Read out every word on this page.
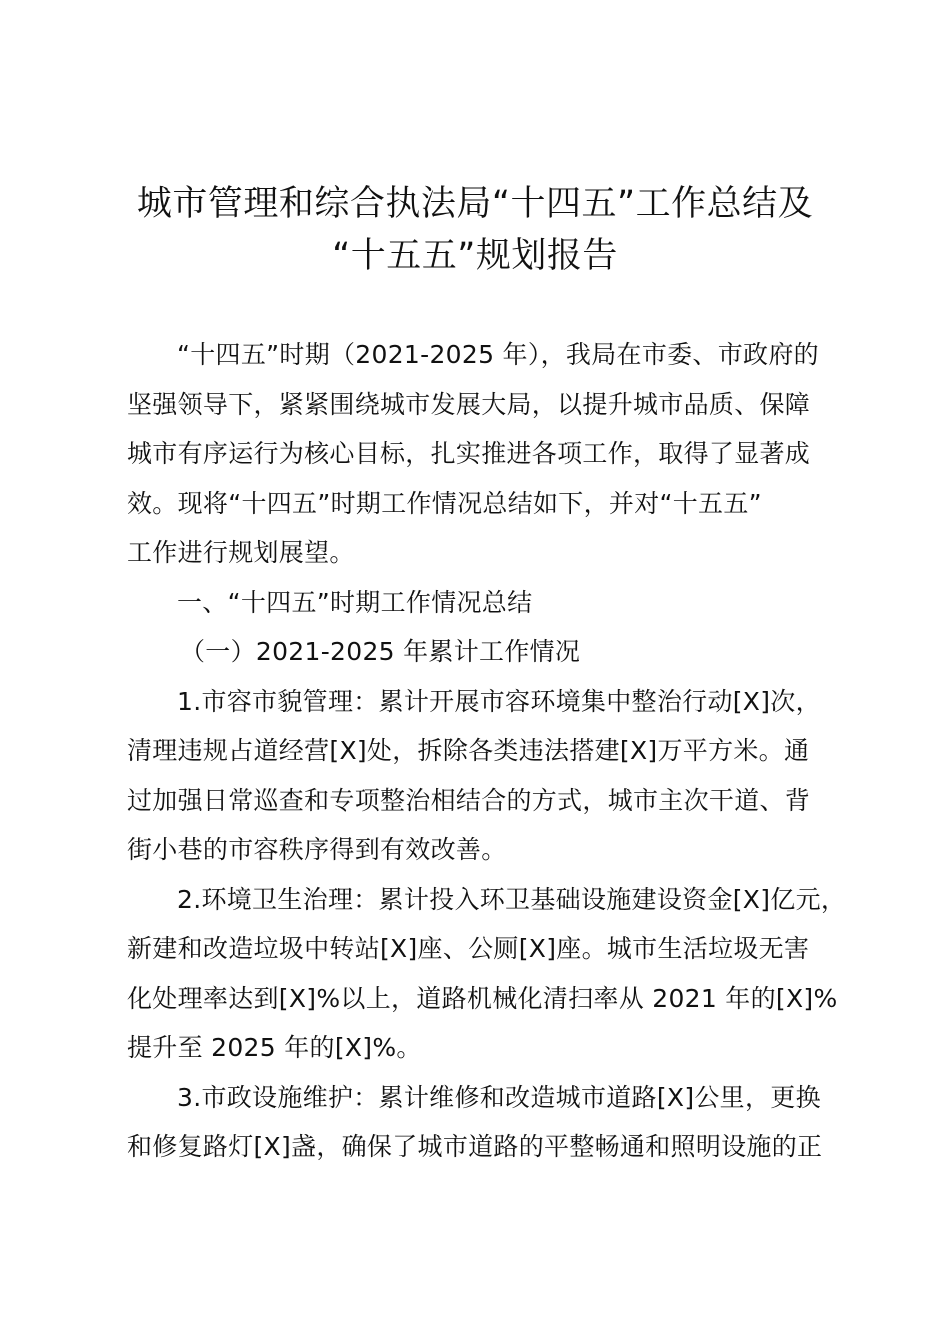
城市管理和综合执法局“十四五”工作总结及
“十五五”规划报告

“十四五”时期（2021-2025 年），我局在市委、市政府的
坚强领导下，紧紧围绕城市发展大局，以提升城市品质、保障
城市有序运行为核心目标，扎实推进各项工作，取得了显著成
效。现将“十四五”时期工作情况总结如下，并对“十五五”
工作进行规划展望。

一、“十四五”时期工作情况总结

（一）2021-2025 年累计工作情况

1.市容市貌管理：累计开展市容环境集中整治行动[X]次，
清理违规占道经营[X]处，拆除各类违法搭建[X]万平方米。通
过加强日常巡查和专项整治相结合的方式，城市主次干道、背
街小巷的市容秩序得到有效改善。

2.环境卫生治理：累计投入环卫基础设施建设资金[X]亿元，
新建和改造垃圾中转站[X]座、公厕[X]座。城市生活垃圾无害
化处理率达到[X]%以上，道路机械化清扫率从 2021 年的[X]%
提升至 2025 年的[X]%。

3.市政设施维护：累计维修和改造城市道路[X]公里，更换
和修复路灯[X]盏，确保了城市道路的平整畅通和照明设施的正
